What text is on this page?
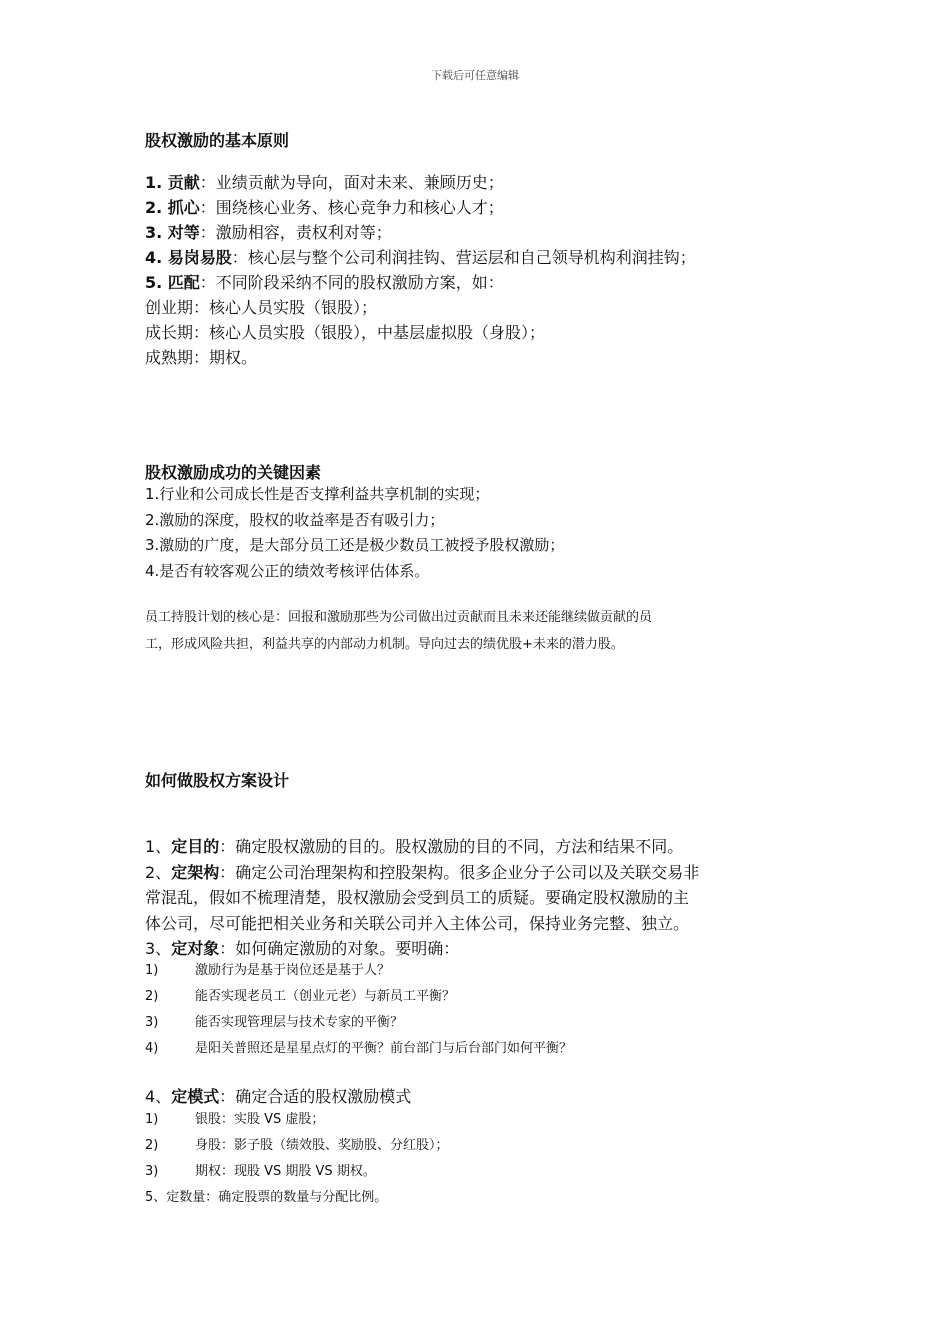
下载后可任意编辑
股权激励的基本原则
1. 贡献：业绩贡献为导向，面对未来、兼顾历史；
2. 抓心：围绕核心业务、核心竞争力和核心人才；
3. 对等：激励相容，责权利对等；
4. 易岗易股：核心层与整个公司利润挂钩、营运层和自己领导机构利润挂钩；
5. 匹配：不同阶段采纳不同的股权激励方案，如：
创业期：核心人员实股（银股）；
成长期：核心人员实股（银股），中基层虚拟股（身股）；
成熟期：期权。
股权激励成功的关键因素
1.行业和公司成长性是否支撑利益共享机制的实现；
2.激励的深度，股权的收益率是否有吸引力；
3.激励的广度，是大部分员工还是极少数员工被授予股权激励；
4.是否有较客观公正的绩效考核评估体系。
员工持股计划的核心是：回报和激励那些为公司做出过贡献而且未来还能继续做贡献的员
工，形成风险共担，利益共享的内部动力机制。导向过去的绩优股+未来的潜力股。
如何做股权方案设计
1、定目的：确定股权激励的目的。股权激励的目的不同，方法和结果不同。
2、定架构：确定公司治理架构和控股架构。很多企业分子公司以及关联交易非
常混乱，假如不梳理清楚，股权激励会受到员工的质疑。要确定股权激励的主
体公司，尽可能把相关业务和关联公司并入主体公司，保持业务完整、独立。
3、定对象：如何确定激励的对象。要明确：
1)	激励行为是基于岗位还是基于人？
2)	能否实现老员工（创业元老）与新员工平衡？
3)	能否实现管理层与技术专家的平衡？
4)	是阳关普照还是星星点灯的平衡？前台部门与后台部门如何平衡？
4、定模式：确定合适的股权激励模式
1)	银股：实股 VS 虚股；
2)	身股：影子股（绩效股、奖励股、分红股）；
3)	期权：现股 VS 期股 VS 期权。
5、定数量：确定股票的数量与分配比例。
